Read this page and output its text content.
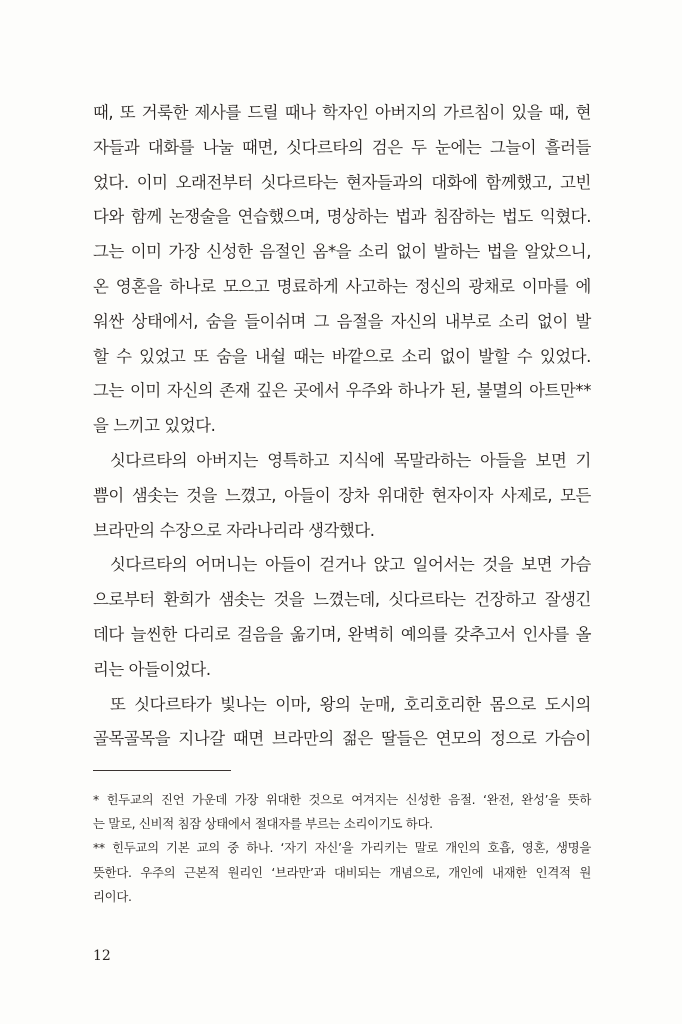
때, 또 거룩한 제사를 드릴 때나 학자인 아버지의 가르침이 있을 때, 현
자들과 대화를 나눌 때면, 싯다르타의 검은 두 눈에는 그늘이 흘러들
었다. 이미 오래전부터 싯다르타는 현자들과의 대화에 함께했고, 고빈
다와 함께 논쟁술을 연습했으며, 명상하는 법과 침잠하는 법도 익혔다.
그는 이미 가장 신성한 음절인 옴*을 소리 없이 발하는 법을 알았으니,
온 영혼을 하나로 모으고 명료하게 사고하는 정신의 광채로 이마를 에
워싼 상태에서, 숨을 들이쉬며 그 음절을 자신의 내부로 소리 없이 발
할 수 있었고 또 숨을 내쉴 때는 바깥으로 소리 없이 발할 수 있었다.
그는 이미 자신의 존재 깊은 곳에서 우주와 하나가 된, 불멸의 아트만**
을 느끼고 있었다.
싯다르타의 아버지는 영특하고 지식에 목말라하는 아들을 보면 기
쁨이 샘솟는 것을 느꼈고, 아들이 장차 위대한 현자이자 사제로, 모든
브라만의 수장으로 자라나리라 생각했다.
싯다르타의 어머니는 아들이 걷거나 앉고 일어서는 것을 보면 가슴
으로부터 환희가 샘솟는 것을 느꼈는데, 싯다르타는 건장하고 잘생긴
데다 늘씬한 다리로 걸음을 옮기며, 완벽히 예의를 갖추고서 인사를 올
리는 아들이었다.
또 싯다르타가 빛나는 이마, 왕의 눈매, 호리호리한 몸으로 도시의
골목골목을 지나갈 때면 브라만의 젊은 딸들은 연모의 정으로 가슴이
* 힌두교의 진언 가운데 가장 위대한 것으로 여겨지는 신성한 음절. ‘완전, 완성’을 뜻하
는 말로, 신비적 침잠 상태에서 절대자를 부르는 소리이기도 하다.
** 힌두교의 기본 교의 중 하나. ‘자기 자신’을 가리키는 말로 개인의 호흡, 영혼, 생명을
뜻한다. 우주의 근본적 원리인 ‘브라만’과 대비되는 개념으로, 개인에 내재한 인격적 원
리이다.
12
